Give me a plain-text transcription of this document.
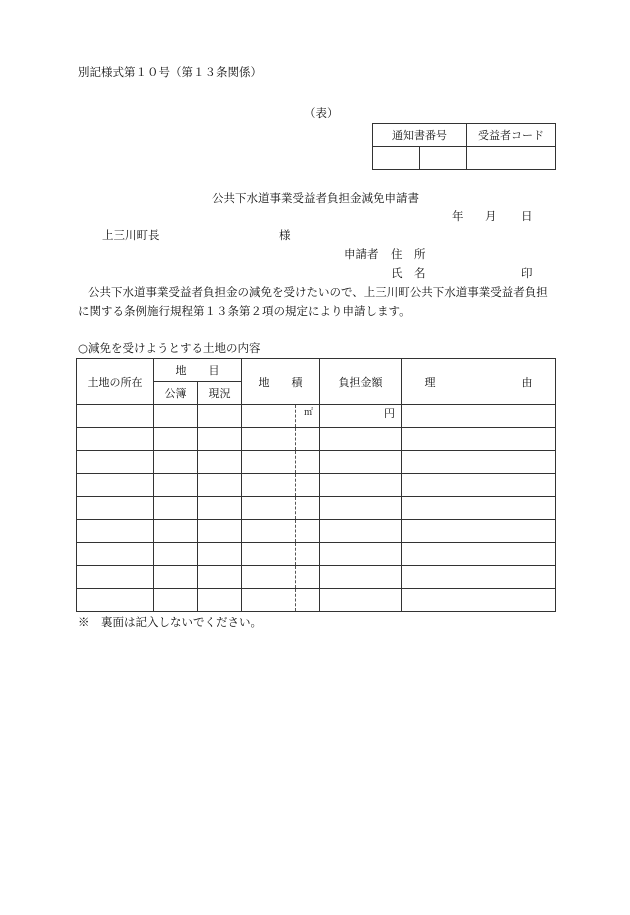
別記様式第１０号（第１３条関係）
（表）
通知書番号		受益者コード

公共下水道事業受益者負担金減免申請書
年 月 日
上三川町長	様
申請者 住　所
氏　名	印
公共下水道事業受益者負担金の減免を受けたいので、上三川町公共下水道事業受益者負担
に関する条例施行規程第１３条第２項の規定により申請します。
○減免を受けようとする土地の内容
土地の所在	地　　目		地　　積		負担金額	理 由
	公簿	現況				
				㎡	円	

※　裏面は記入しないでください。
